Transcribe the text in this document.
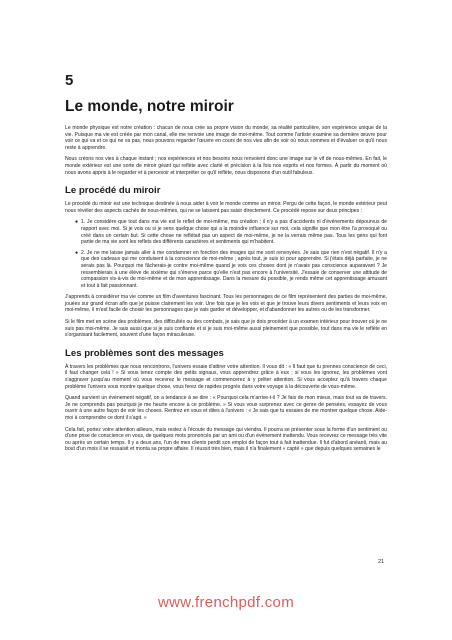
5
Le monde, notre miroir

Le monde physique est notre création : chacun de nous crée sa propre vision du monde, sa réalité particulière, son expérience unique de la vie. Puisque ma vie est créée par mon canal, elle me renvoie une image de moi-même. Tout comme l'artiste examine sa dernière œuvre pour voir ce qui va et ce qui ne va pas, nous pouvons regarder l'œuvre en cours de nos vies afin de voir où nous sommes et d'évaluer ce qu'il nous reste à apprendre.

Nous créons nos vies à chaque instant ; nos expériences et nos besoins nous renvoient donc une image sur le vif de nous-mêmes. En fait, le monde extérieur est une sorte de miroir géant qui reflète avec clarté et précision à la fois nos esprits et nos formes. À partir du moment où nous avons appris à le regarder et à percevoir et interpréter ce qu'il reflète, nous disposons d'un outil fabuleux.

Le procédé du miroir

Le procédé du miroir est une technique destinée à nous aider à voir le monde comme un miroir. Pergu de cette façon, le monde extérieur peut nous révéler des aspects cachés de nous-mêmes, qui ne se laissent pas saisir directement. Ce procédé repose sur deux principes :

● 1. Je considère que tout dans ma vie est le reflet de moi-même, ma création ; il n'y a pas d'accidents ni d'événements dépourvus de rapport avec moi. Si je vois ou si je sens quelque chose qui a la moindre influence sur moi, cela signifie que mon être l'a provoqué ou créé dans un certain but. Si cette chose ne reflétait pas un aspect de moi-même, je ne la verrais même pas. Tous les gens qui font partie de ma vie sont les reflets des différents caractères et sentiments qui m'habitent.
● 2. Je ne me laisse jamais aller à me condamner en fonction des images qui me sont renvoyées. Je sais que rien n'est négatif. Il n'y a que des cadeaux qui me conduisent à la conscience de moi-même ; après tout, je suis ici pour apprendre. Si j'étais déjà parfaite, je ne serais pas là. Pourquoi me fâcherais-je contre moi-même quand je vois ces choses dont je n'avais pas conscience auparavant ? Je ressemblerais à une élève de sixième qui s'énerve parce qu'elle n'est pas encore à l'université. J'essaie de conserver une attitude de compassion vis-à-vis de moi-même et de mon apprentissage. Dans la mesure du possible, je rends même cet apprentissage amusant et tout à fait passionnant.

J'apprends à considérer ma vie comme un film d'aventures fascinant. Tous les personnages de ce film représentent des parties de moi-même, jouées sur grand écran afin que je puisse clairement les voir. Une fois que je les vois et que je trouve leurs divers sentiments et leurs voix en moi-même, il m'est facile de choisir les personnages que je vais garder et développer, et d'abandonner les autres ou de les transformer.

Si le film met en scène des problèmes, des difficultés ou des combats, je sais que je dois procéder à un examen intérieur pour trouver où je ne suis pas moi-même. Je sais aussi que si je suis confiante et si je suis moi-même aussi pleinement que possible, tout dans ma vie le reflète en s'organisant facilement, souvent d'une façon miraculeuse.

Les problèmes sont des messages

À travers les problèmes que nous rencontrons, l'univers essaie d'attirer votre attention. Il vous dit : « Il faut que tu prennes conscience de ceci, il faut changer cela ! » Si vous tenez compte des petits signaux, vous apprendrez grâce à eux ; si vous les ignorez, les problèmes vont s'aggraver jusqu'au moment où vous recevrez le message et commencerez à y prêter attention. Si vous acceptez qu'à travers chaque problème l'univers vous montre quelque chose, vous ferez de rapides progrès dans votre voyage à la découverte de vous-même.

Quand survient un événement négatif, on a tendance à se dire : « Pourquoi cela m'arrive-t-il ? Je fais de mon mieux, mais tout va de travers. Je ne comprends pas pourquoi je me heurte encore à ce problème. » Si vous vous surprenez avec ce genre de pensées, essayez de vous ouvrir à une autre façon de voir les choses. Rentrez en vous et dites à l'univers : « Je sais que tu essaies de me montrer quelque chose. Aide-moi à comprendre ce dont il s'agit. »

Cela fait, portez votre attention ailleurs, mais restez à l'écoute du message qui viendra. Il pourra se présenter sous la forme d'un sentiment ou d'une prise de conscience en vous, de quelques mots prononcés par un ami ou d'un événement inattendu. Vous recevrez ce message très vite ou après un certain temps. Il y a deux ans, l'un de mes clients perdit son emploi de façon tout à fait inattendue. Il fut d'abord anéanti, mais au bout d'un mois il se ressaisit et monta sa propre affaire. Il réussit très bien, mais il n'a finalement « capté » que depuis quelques semaines le

21
www.frenchpdf.com
